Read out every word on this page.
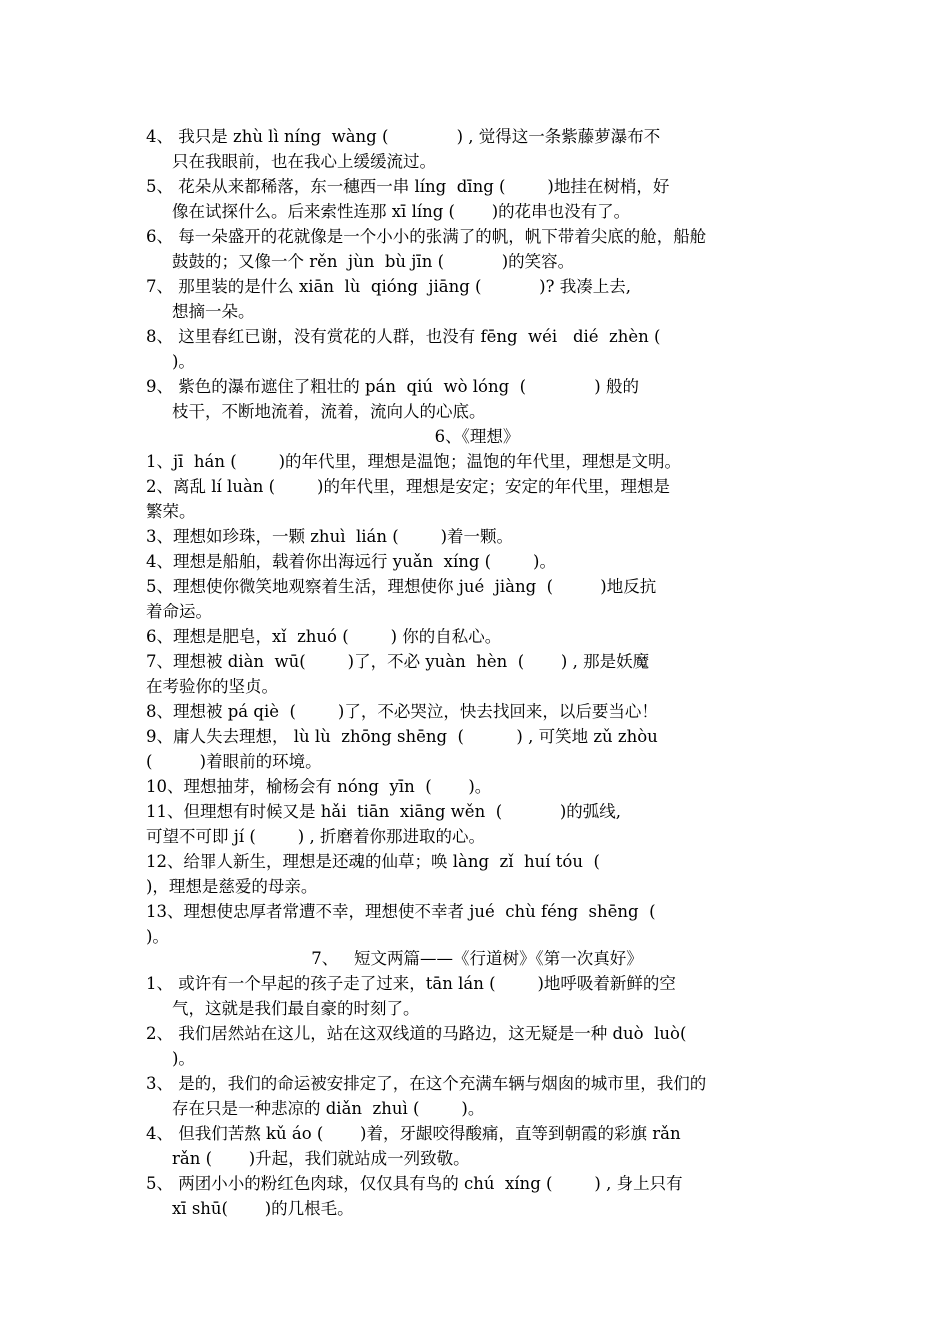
4、 我只是 zhù lì níng  wàng (             ) , 觉得这一条紫藤萝瀑布不
只在我眼前，也在我心上缓缓流过。
5、 花朵从来都稀落，东一穗西一串 líng  dīng (        )地挂在树梢，好
像在试探什么。后来索性连那 xī líng (       )的花串也没有了。
6、 每一朵盛开的花就像是一个小小的张满了的帆，帆下带着尖底的舱，船舱
鼓鼓的；又像一个 rěn  jùn  bù jīn (           )的笑容。
7、 那里装的是什么 xiān  lù  qióng  jiāng (           )? 我凑上去,
想摘一朵。
8、 这里春红已谢，没有赏花的人群，也没有 fēng  wéi   dié  zhèn (
)。
9、 紫色的瀑布遮住了粗壮的 pán  qiú  wò lóng  (             ) 般的
枝干，不断地流着，流着，流向人的心底。
6、《理想》
1、jī  hán (        )的年代里，理想是温饱；温饱的年代里，理想是文明。
2、离乱 lí luàn (        )的年代里，理想是安定；安定的年代里，理想是
繁荣。
3、理想如珍珠，一颗 zhuì  lián (        )着一颗。
4、理想是船舶，载着你出海远行 yuǎn  xíng (        )。
5、理想使你微笑地观察着生活，理想使你 jué  jiàng  (         )地反抗
着命运。
6、理想是肥皂，xǐ  zhuó (        ) 你的自私心。
7、理想被 diàn  wū(        )了，不必 yuàn  hèn  (       ) , 那是妖魔
在考验你的坚贞。
8、理想被 pá qiè  (        )了，不必哭泣，快去找回来，以后要当心！
9、庸人失去理想， lù lù  zhōng shēng  (          ) , 可笑地 zǔ zhòu
(         )着眼前的环境。
10、理想抽芽，榆杨会有 nóng  yīn  (       )。
11、但理想有时候又是 hǎi  tiān  xiāng wěn  (           )的弧线,
可望不可即 jí (        ) , 折磨着你那进取的心。
12、给罪人新生，理想是还魂的仙草；唤 làng  zǐ  huí tóu  (
)，理想是慈爱的母亲。
13、理想使忠厚者常遭不幸，理想使不幸者 jué  chù féng  shēng  (
)。
7、   短文两篇——《行道树》《第一次真好》
1、 或许有一个早起的孩子走了过来，tān lán (        )地呼吸着新鲜的空
气，这就是我们最自豪的时刻了。
2、 我们居然站在这儿，站在这双线道的马路边，这无疑是一种 duò  luò(
)。
3、 是的，我们的命运被安排定了，在这个充满车辆与烟囱的城市里，我们的
存在只是一种悲凉的 diǎn  zhuì (        )。
4、 但我们苦熬 kǔ áo (       )着，牙龈咬得酸痛，直等到朝霞的彩旗 rǎn
rǎn (       )升起，我们就站成一列致敬。
5、 两团小小的粉红色肉球，仅仅具有鸟的 chú  xíng (        ) , 身上只有
xī shū(       )的几根毛。
